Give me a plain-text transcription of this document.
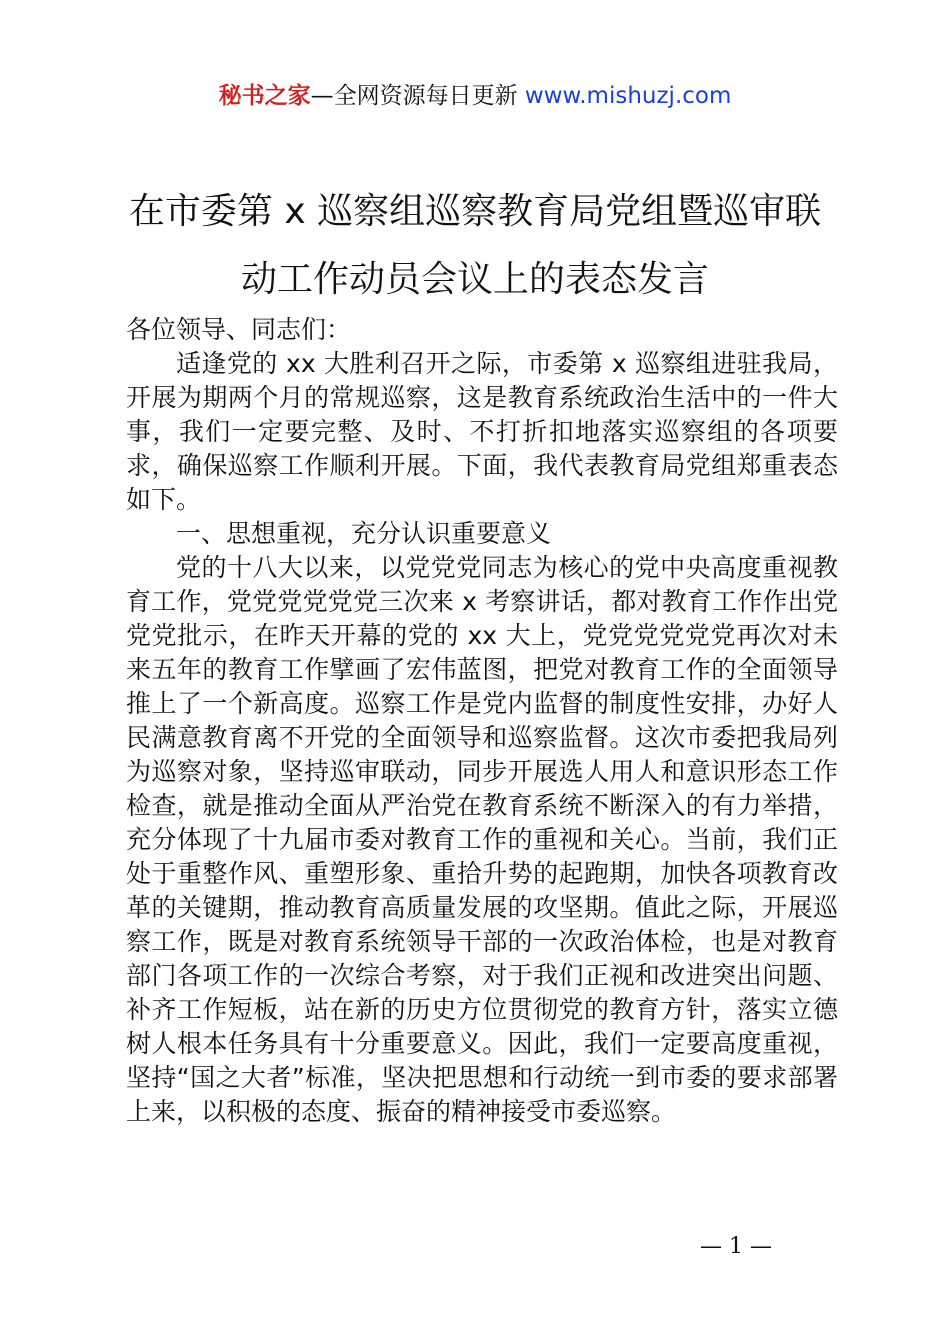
秘书之家—全网资源每日更新 www.mishuzj.com
在市委第 x 巡察组巡察教育局党组暨巡审联
动工作动员会议上的表态发言

各位领导、同志们：

适逢党的 xx 大胜利召开之际，市委第 x 巡察组进驻我局，开展为期两个月的常规巡察，这是教育系统政治生活中的一件大事，我们一定要完整、及时、不打折扣地落实巡察组的各项要求，确保巡察工作顺利开展。下面，我代表教育局党组郑重表态如下。

一、思想重视，充分认识重要意义

党的十八大以来，以党党党同志为核心的党中央高度重视教育工作，党党党党党党三次来 x 考察讲话，都对教育工作作出党党党批示，在昨天开幕的党的 xx 大上，党党党党党党再次对未来五年的教育工作擘画了宏伟蓝图，把党对教育工作的全面领导推上了一个新高度。巡察工作是党内监督的制度性安排，办好人民满意教育离不开党的全面领导和巡察监督。这次市委把我局列为巡察对象，坚持巡审联动，同步开展选人用人和意识形态工作检查，就是推动全面从严治党在教育系统不断深入的有力举措，充分体现了十九届市委对教育工作的重视和关心。当前，我们正处于重整作风、重塑形象、重拾升势的起跑期，加快各项教育改革的关键期，推动教育高质量发展的攻坚期。值此之际，开展巡察工作，既是对教育系统领导干部的一次政治体检，也是对教育部门各项工作的一次综合考察，对于我们正视和改进突出问题、补齐工作短板，站在新的历史方位贯彻党的教育方针，落实立德树人根本任务具有十分重要意义。因此，我们一定要高度重视，坚持“国之大者”标准，坚决把思想和行动统一到市委的要求部署上来，以积极的态度、振奋的精神接受市委巡察。

— 1 —
